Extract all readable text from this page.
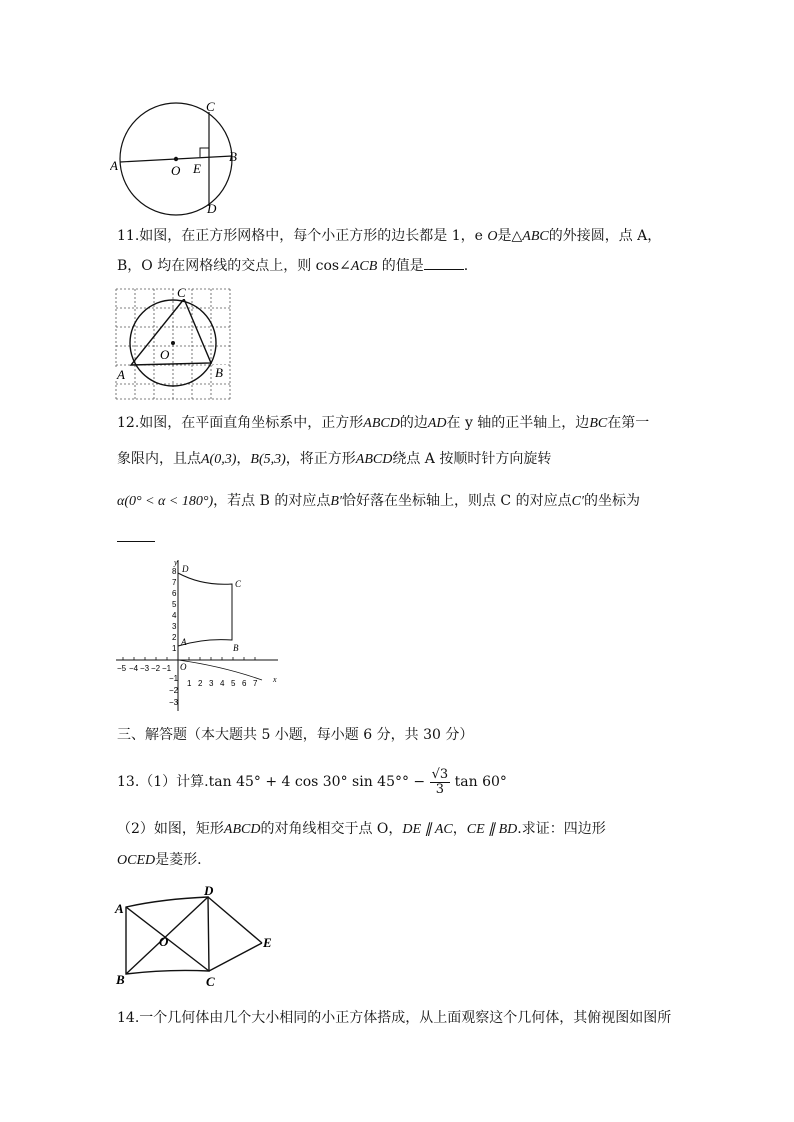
C
A
B
O E
D
11.如图，在正方形网格中，每个小正方形的边长都是 1，e O是△ABC的外接圆，点 A，
B，O 均在网格线的交点上，则 cos∠ACB 的值是	.
C
O
A	B
12.如图，在平面直角坐标系中，正方形ABCD的边AD在 y 轴的正半轴上，边BC在第一
象限内，且点A(0,3)，B(5,3)，将正方形ABCD绕点 A 按顺时针方向旋转
α(0° < α < 180°)，若点 B 的对应点B′恰好落在坐标轴上，则点 C 的对应点C′的坐标为
−5 −4 −3 −2 −1
1 2 3 4 5 6 7
8
7
6
5
4
3
2
1
−1
−2
−3
D
C
A
B
O
x
y
三、解答题（本大题共 5 小题，每小题 6 分，共 30 分）
13.（1）计算.tan 45° + 4 cos 30° $\sin 45^\circ^\circ - \frac{√3}{3}$ tan 60°
（2）如图，矩形ABCD的对角线相交于点 O，DE ∥ AC，CE ∥ BD.求证：四边形
OCED是菱形.
A
D
O	E
B	C
14.一个几何体由几个大小相同的小正方体搭成，从上面观察这个几何体，其俯视图如图所
